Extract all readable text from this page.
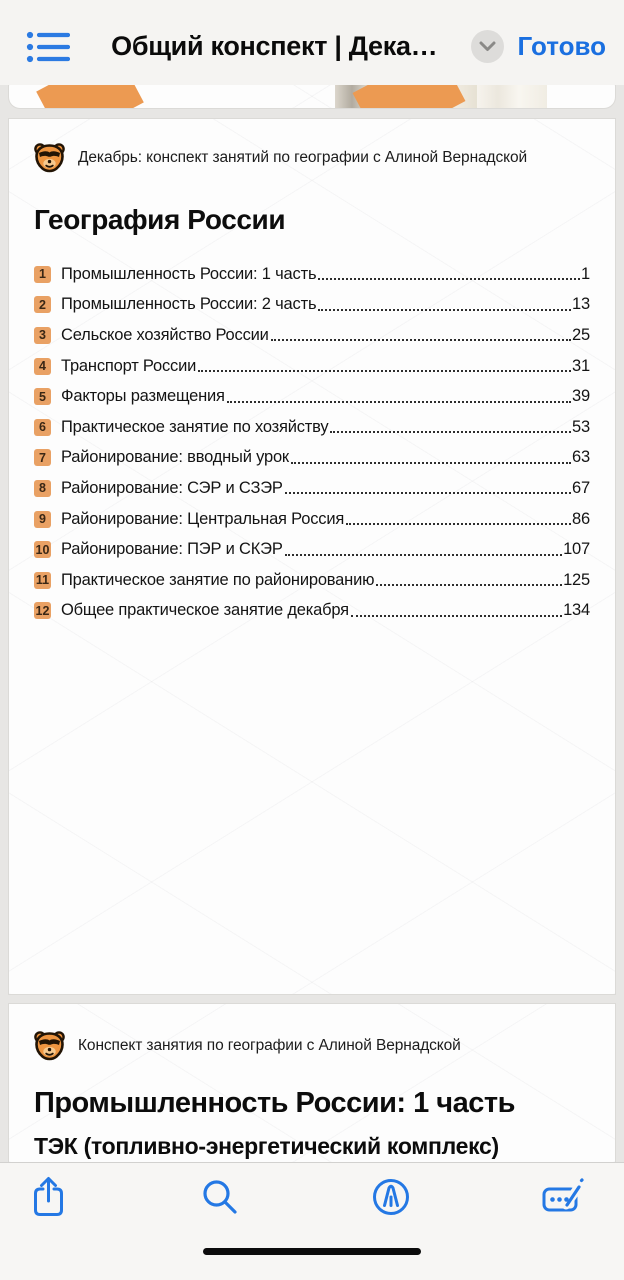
Общий конспект | Дека…	Готово
Декабрь: конспект занятий по географии с Алиной Вернадской
География России
1 Промышленность России: 1 часть	1
2 Промышленность России: 2 часть	13
3 Сельское хозяйство России	25
4 Транспорт России	31
5 Факторы размещения	39
6 Практическое занятие по хозяйству	53
7 Районирование: вводный урок	63
8 Районирование: СЭР и СЗЭР	67
9 Районирование: Центральная Россия	86
10 Районирование: ПЭР и СКЭР	107
11 Практическое занятие по районированию	125
12 Общее практическое занятие декабря	134
Конспект занятия по географии с Алиной Вернадской
Промышленность России: 1 часть
ТЭК (топливно-энергетический комплекс)
